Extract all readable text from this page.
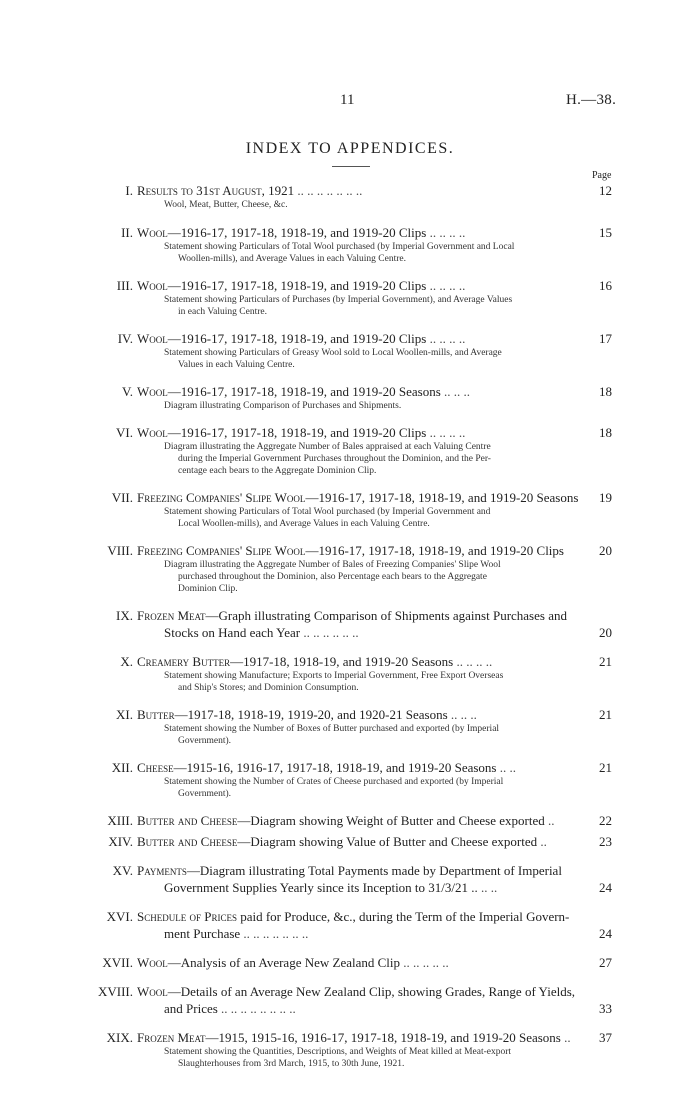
11	H.—38.
INDEX TO APPENDICES.
Page
I. Results to 31st August, 1921 .. .. .. .. .. .. ..	12

Wool, Meat, Butter, Cheese, &c.

II. Wool—1916-17, 1917-18, 1918-19, and 1919-20 Clips .. .. .. ..	15

Statement showing Particulars of Total Wool purchased (by Imperial Government and Local

Woollen-mills), and Average Values in each Valuing Centre.

III. Wool—1916-17, 1917-18, 1918-19, and 1919-20 Clips .. .. .. ..	16

Statement showing Particulars of Purchases (by Imperial Government), and Average Values

in each Valuing Centre.

IV. Wool—1916-17, 1917-18, 1918-19, and 1919-20 Clips .. .. .. ..	17

Statement showing Particulars of Greasy Wool sold to Local Woollen-mills, and Average

Values in each Valuing Centre.

V. Wool—1916-17, 1917-18, 1918-19, and 1919-20 Seasons .. .. ..	18

Diagram illustrating Comparison of Purchases and Shipments.

VI. Wool—1916-17, 1917-18, 1918-19, and 1919-20 Clips .. .. .. ..	18

Diagram illustrating the Aggregate Number of Bales appraised at each Valuing Centre

during the Imperial Government Purchases throughout the Dominion, and the Per-

centage each bears to the Aggregate Dominion Clip.

VII. Freezing Companies' Slipe Wool—1916-17, 1917-18, 1918-19, and 1919-20 Seasons	19

Statement showing Particulars of Total Wool purchased (by Imperial Government and

Local Woollen-mills), and Average Values in each Valuing Centre.

VIII. Freezing Companies' Slipe Wool—1916-17, 1917-18, 1918-19, and 1919-20 Clips	20

Diagram illustrating the Aggregate Number of Bales of Freezing Companies' Slipe Wool

purchased throughout the Dominion, also Percentage each bears to the Aggregate

Dominion Clip.

IX. Frozen Meat—Graph illustrating Comparison of Shipments against Purchases and
Stocks on Hand each Year .. .. .. .. .. ..	20
X. Creamery Butter—1917-18, 1918-19, and 1919-20 Seasons .. .. .. ..	21

Statement showing Manufacture; Exports to Imperial Government, Free Export Overseas

and Ship's Stores; and Dominion Consumption.

XI. Butter—1917-18, 1918-19, 1919-20, and 1920-21 Seasons .. .. ..	21

Statement showing the Number of Boxes of Butter purchased and exported (by Imperial

Government).

XII. Cheese—1915-16, 1916-17, 1917-18, 1918-19, and 1919-20 Seasons .. ..	21

Statement showing the Number of Crates of Cheese purchased and exported (by Imperial

Government).

XIII. Butter and Cheese—Diagram showing Weight of Butter and Cheese exported ..	22
XIV. Butter and Cheese—Diagram showing Value of Butter and Cheese exported ..	23
XV. Payments—Diagram illustrating Total Payments made by Department of Imperial
Government Supplies Yearly since its Inception to 31/3/21 .. .. ..	24
XVI. Schedule of Prices paid for Produce, &c., during the Term of the Imperial Govern-
ment Purchase .. .. .. .. .. .. ..	24
XVII. Wool—Analysis of an Average New Zealand Clip .. .. .. .. ..	27
XVIII. Wool—Details of an Average New Zealand Clip, showing Grades, Range of Yields,
and Prices .. .. .. .. .. .. .. ..	33
XIX. Frozen Meat—1915, 1915-16, 1916-17, 1917-18, 1918-19, and 1919-20 Seasons ..	37

Statement showing the Quantities, Descriptions, and Weights of Meat killed at Meat-export

Slaughterhouses from 3rd March, 1915, to 30th June, 1921.
